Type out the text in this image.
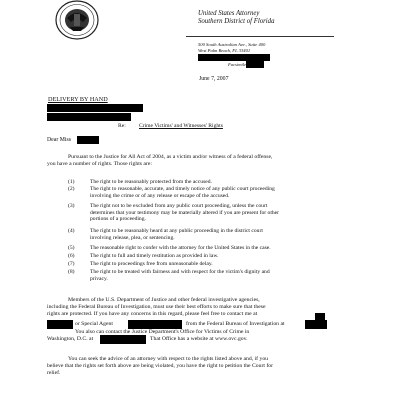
United States Attorney
Southern District of Florida
500 South Australian Ave., Suite 400
West Palm Beach, FL 33401
Facsimile
June 7, 2007
DELIVERY BY HAND
Re: Crime Victims' and Witnesses' Rights
Dear Miss
Pursuant to the Justice for All Act of 2004, as a victim and/or witness of a federal offense,
you have a number of rights. Those rights are:
(1)	The right to be reasonably protected from the accused.
(2)	The right to reasonable, accurate, and timely notice of any public court proceeding
involving the crime or of any release or escape of the accused.
(3)	The right not to be excluded from any public court proceeding, unless the court
determines that your testimony may be materially altered if you are present for other
portions of a proceeding.
(4)	The right to be reasonably heard at any public proceeding in the district court
involving release, plea, or sentencing.
(5)	The reasonable right to confer with the attorney for the United States in the case.
(6)	The right to full and timely restitution as provided in law.
(7)	The right to proceedings free from unreasonable delay.
(8)	The right to be treated with fairness and with respect for the victim's dignity and
privacy.
Members of the U.S. Department of Justice and other federal investigative agencies,
including the Federal Bureau of Investigation, must use their best efforts to make sure that these
rights are protected. If you have any concerns in this regard, please feel free to contact me at
or Special Agent	from the Federal Bureau of Investigation at
You also can contact the Justice Department's Office for Victims of Crime in
Washington, D.C. at	That Office has a website at www.ovc.gov.
You can seek the advice of an attorney with respect to the rights listed above and, if you
believe that the rights set forth above are being violated, you have the right to petition the Court for
relief.
